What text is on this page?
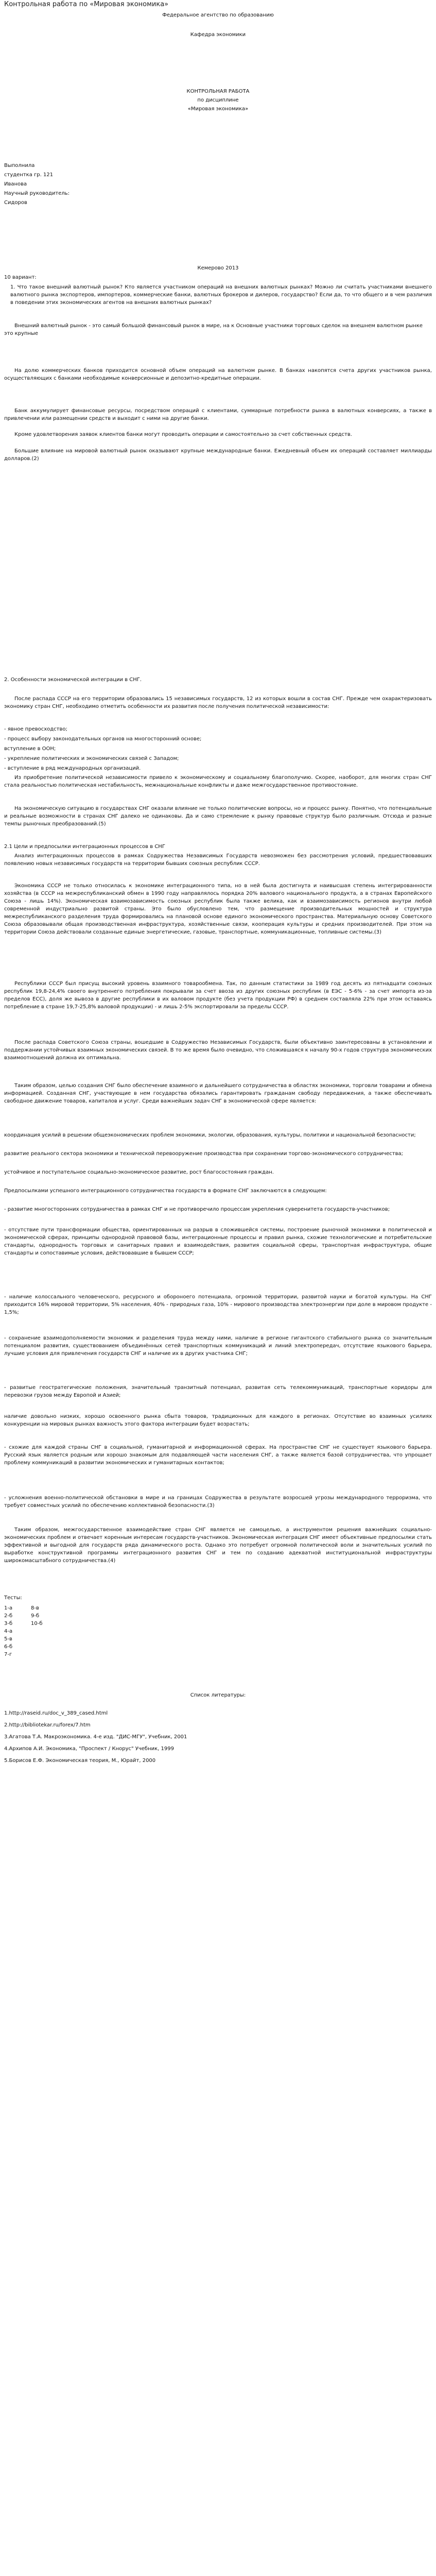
Контрольная работа по «Мировая экономика»

Федеральное агентство по образованию

Кафедра экономики

КОНТРОЛЬНАЯ РАБОТА

по дисциплине

«Мировая экономика»

Выполнила

студентка гр. 121

Иванова

Научный руководитель:

Сидоров

Кемерово 2013

10 вариант:

1. Что такое внешний валютный рынок? Кто является участником операций на внешних валютных рынках? Можно ли считать участниками внешнего валютного рынка экспортеров, импортеров, коммерческие банки, валютных брокеров и дилеров, государство? Если да, то что общего и в чем различия в поведении этих экономических агентов на внешних валютных рынках?

Внешний валютный рынок - это самый большой финансовый рынок в мире, на к Основные участники торговых сделок на внешнем валютном рынке это крупные

На долю коммерческих банков приходится основной объем операций на валютном рынке. В банках накопятся счета других участников рынка, осуществляющих с банками необходимые конверсионные и депозитно-кредитные операции.

Банк аккумулирует финансовые ресурсы, посредством операций с клиентами, суммарные потребности рынка в валютных конверсиях, а также в привлечении или размещении средств и выходит с ними на другие банки.

Кроме удовлетворения заявок клиентов банки могут проводить операции и самостоятельно за счет собственных средств.

Большие влияние на мировой валютный рынок оказывают крупные международные банки. Ежедневный объем их операций составляет миллиарды долларов.(2)

2. Особенности экономической интеграции в СНГ.

После распада СССР на его территории образовались 15 независимых государств, 12 из которых вошли в состав СНГ. Прежде чем охарактеризовать экономику стран СНГ, необходимо отметить особенности их развития после получения политической независимости:

- явное превосходство;

- процесс выбору законодательных органов на многосторонний основе;

вступление в ООН;

- укрепление политических и экономических связей с Западом;

- вступление в ряд международных организаций.

Из приобретение политической независимости привело к экономическому и социальному благополучию. Скорее, наоборот, для многих стран СНГ стала реальностью политическая нестабильность, межнациональные конфликты и даже межгосударственное противостояние.

На экономическую ситуацию в государствах СНГ оказали влияние не только политические вопросы, но и процесс рынку. Понятно, что потенциальные и реальные возможности в странах СНГ далеко не одинаковы. Да и само стремление к рынку правовые структур было различным. Отсюда и разные темпы рыночных преобразований.(5)

2.1 Цели и предпосылки интеграционных процессов в СНГ

Анализ интеграционных процессов в рамках Содружества Независимых Государств невозможен без рассмотрения условий, предшествовавших появлению новых независимых государств на территории бывших союзных республик СССР.

Экономика СССР не только относилась к экономике интеграционного типа, но в ней была достигнута и наивысшая степень интегрированности хозяйства (в СССР на межреспубликанский обмен в 1990 году направлялось порядка 20% валового национального продукта, а в странах Европейского Союза - лишь 14%). Экономическая взаимозависимость союзных республик была также велика, как и взаимозависимость регионов внутри любой современной индустриально развитой страны. Это было обусловлено тем, что размещение производительных мощностей и структура межреспубликанского разделения труда формировались на плановой основе единого экономического пространства. Материальную основу Советского Союза образовывали общая производственная инфраструктура, хозяйственные связи, кооперация культуры и средних производителей. При этом на территории Союза действовали созданные единые энергетические, газовые, транспортные, коммуникационные, топливные системы.(3)

Республики СССР был присущ высокий уровень взаимного товарообмена. Так, по данным статистики за 1989 год десять из пятнадцати союзных республик 19,8-24,4% своего внутреннего потребления покрывали за счет ввоза из других союзных республик (в ЕЭС - 5-6% - за счет импорта из-за пределов ЕСС), доля же вывоза в другие республики в их валовом продукте (без учета продукции РФ) в среднем составляла 22% при этом оставаясь потребление в стране 19,7-25,8% валовой продукции) - и лишь 2-5% экспортировали за пределы СССР.

После распада Советского Союза страны, вошедшие в Содружество Независимых Государств, были объективно заинтересованы в установлении и поддержании устойчивых взаимных экономических связей. В то же время было очевидно, что сложившаяся к началу 90-х годов структура экономических взаимоотношений должна их оптимальна.

Таким образом, целью создания СНГ было обеспечение взаимного и дальнейшего сотрудничества в областях экономики, торговли товарами и обмена информацией. Созданная СНГ, участвующие в нем государства обязались гарантировать гражданам свободу передвижения, а также обеспечивать свободное движение товаров, капиталов и услуг. Среди важнейших задач СНГ в экономической сфере является:

координация усилий в решении общеэкономических проблем экономики, экологии, образования, культуры, политики и национальной безопасности;

развитие реального сектора экономики и технической перевооружение производства при сохранении торгово-экономического сотрудничества;

устойчивое и поступательное социально-экономическое развитие, рост благосостояния граждан.

Предпосылками успешного интеграционного сотрудничества государств в формате СНГ заключаются в следующем:

- развитие многосторонних сотрудничества в рамках СНГ и не противоречило процессам укрепления суверенитета государств-участников;

- отсутствие пути трансформации общества, ориентированных на разрыв в сложившейся системы, построение рыночной экономики в политической и экономической сферах, принципы однородной правовой базы, интеграционные процессы и правил рынка, схожие технологические и потребительские стандарты, однородность торговых и санитарных правил и взаимодействия, развития социальной сферы, транспортная инфраструктура, общие стандарты и сопоставимые условия, действовавшие в бывшем СССР;

- наличие колоссального человеческого, ресурсного и обороноего потенциала, огромной территории, развитой науки и богатой культуры. На СНГ приходится 16% мировой территории, 5% населения, 40% - природных газа, 10% - мирового производства электроэнергии при доле в мировом продукте - 1,5%;

- сохранение взаимодополняемости экономик и разделения труда между ними, наличие в регионе гигантского стабильного рынка со значительным потенциалом развития, существованием объединённых сетей транспортных коммуникаций и линий электропередач, отсутствие языкового барьера, лучшие условия для привлечения государств СНГ и наличие их в других участника СНГ;

- развитые геостратегические положения, значительный транзитный потенциал, развитая сеть телекоммуникаций, транспортные коридоры для перевозки грузов между Европой и Азией;

наличие довольно низких, хорошо освоенного рынка сбыта товаров, традиционных для каждого в регионах. Отсутствие во взаимных усилиях конкуренции на мировых рынках важность этого фактора интеграции будет возрастать;

- схожие для каждой страны СНГ в социальной, гуманитарной и информационной сферах. На пространстве СНГ не существует языкового барьера. Русский язык является родным или хорошо знакомым для подавляющей части населения СНГ, а также является базой сотрудничества, что упрощает проблему коммуникаций в развитии экономических и гуманитарных контактов;

- усложнения военно-политической обстановки в мире и на границах Содружества в результате возросшей угрозы международного терроризма, что требует совместных усилий по обеспечению коллективной безопасности.(3)

Таким образом, межгосударственное взаимодействие стран СНГ является не самоцелью, а инструментом решения важнейших социально-экономических проблем и отвечает коренным интересам государств-участников. Экономическая интеграция СНГ имеет объективные предпосылки стать эффективной и выгодной для государств ряда динамического роста. Однако это потребует огромной политической воли и значительных усилий по выработке конструктивной программы интеграционного развития СНГ и тем по созданию адекватной институциональной инфраструктуры широкомасштабного сотрудничества.(4)

Тесты:

1-а	8-в
2-б	9-б
3-б	10-б
4-а
5-в
6-б
7-г

Список литературы:

1.http://raseid.ru/doc_v_389_cased.html

2.http://bibliotekar.ru/forex/7.htm

3.Агатова Т.А. Макроэкономика. 4-е изд. "ДИС-МГУ", Учебник, 2001

4.Архипов А.И. Экономика, "Проспект / Кнорус" Учебник, 1999

5.Борисов Е.Ф. Экономическая теория, М., Юрайт, 2000
